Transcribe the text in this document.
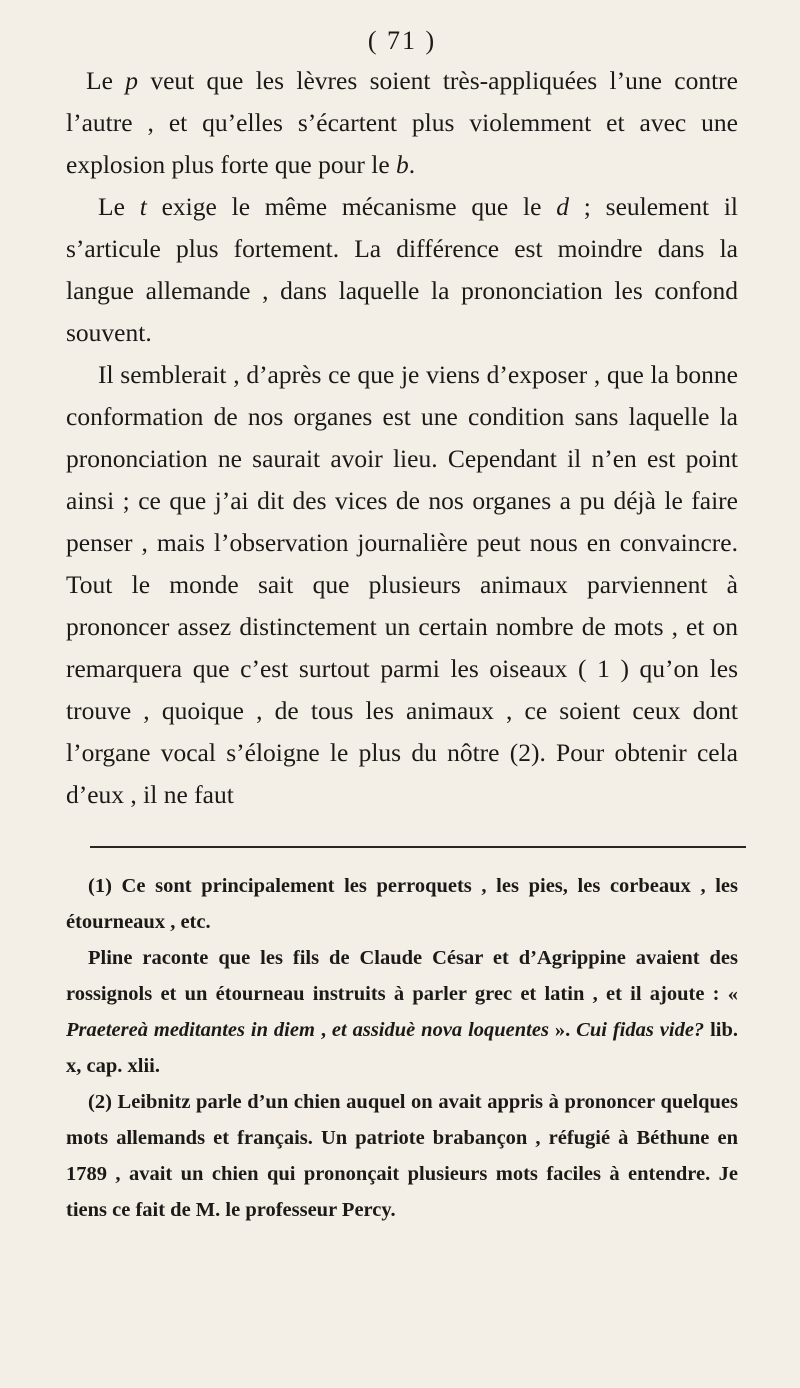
( 71 )

Le p veut que les lèvres soient très-appliquées l’une contre l’autre , et qu’elles s’écartent plus violemment et avec une explosion plus forte que pour le b.

Le t exige le même mécanisme que le d ; seulement il s’articule plus fortement. La différence est moindre dans la langue allemande , dans laquelle la prononciation les confond souvent.

Il semblerait , d’après ce que je viens d’exposer , que la bonne conformation de nos organes est une condition sans laquelle la prononciation ne saurait avoir lieu. Cependant il n’en est point ainsi ; ce que j’ai dit des vices de nos organes a pu déjà le faire penser , mais l’observation journalière peut nous en convaincre. Tout le monde sait que plusieurs animaux parviennent à prononcer assez distinctement un certain nombre de mots , et on remarquera que c’est surtout parmi les oiseaux ( 1 ) qu’on les trouve , quoique , de tous les animaux , ce soient ceux dont l’organe vocal s’éloigne le plus du nôtre (2). Pour obtenir cela d’eux , il ne faut

(1) Ce sont principalement les perroquets , les pies, les corbeaux , les étourneaux , etc.

Pline raconte que les fils de Claude César et d’Agrippine avaient des rossignols et un étourneau instruits à parler grec et latin , et il ajoute : « Praetereà meditantes in diem , et assiduè nova loquentes ». Cui fidas vide? lib. x, cap. xlii.

(2) Leibnitz parle d’un chien auquel on avait appris à prononcer quelques mots allemands et français. Un patriote brabançon , réfugié à Béthune en 1789 , avait un chien qui prononçait plusieurs mots faciles à entendre. Je tiens ce fait de M. le professeur Percy.
